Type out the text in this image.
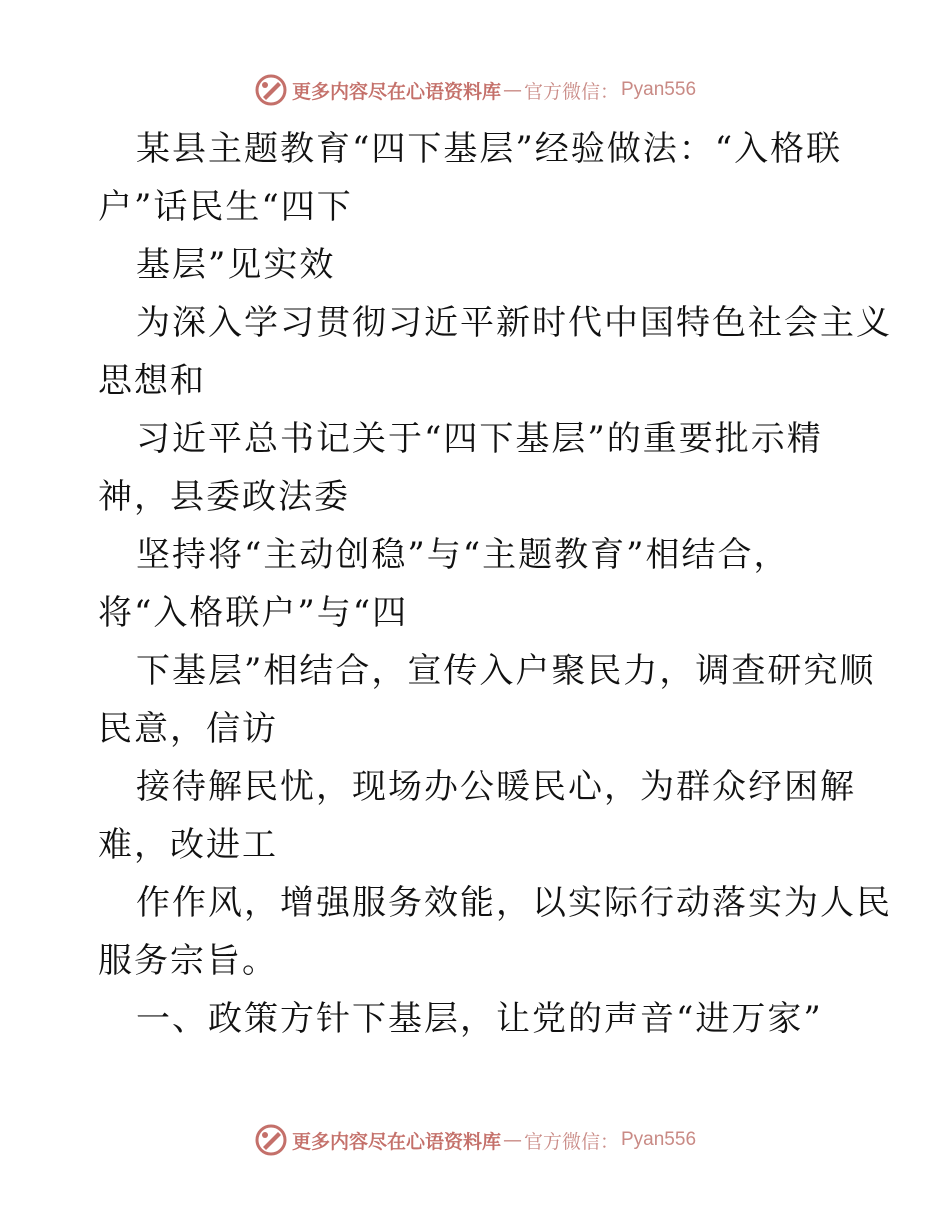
更多内容尽在心语资料库 — 官方微信： Pyan556
某县主题教育“四下基层”经验做法：“入格联
户”话民生“四下
基层”见实效
为深入学习贯彻习近平新时代中国特色社会主义
思想和
习近平总书记关于“四下基层”的重要批示精
神，县委政法委
坚持将“主动创稳”与“主题教育”相结合，
将“入格联户”与“四
下基层”相结合，宣传入户聚民力，调查研究顺
民意，信访
接待解民忧，现场办公暖民心，为群众纾困解
难，改进工
作作风，增强服务效能，以实际行动落实为人民
服务宗旨。
一、政策方针下基层，让党的声音“进万家”
更多内容尽在心语资料库 — 官方微信： Pyan556
